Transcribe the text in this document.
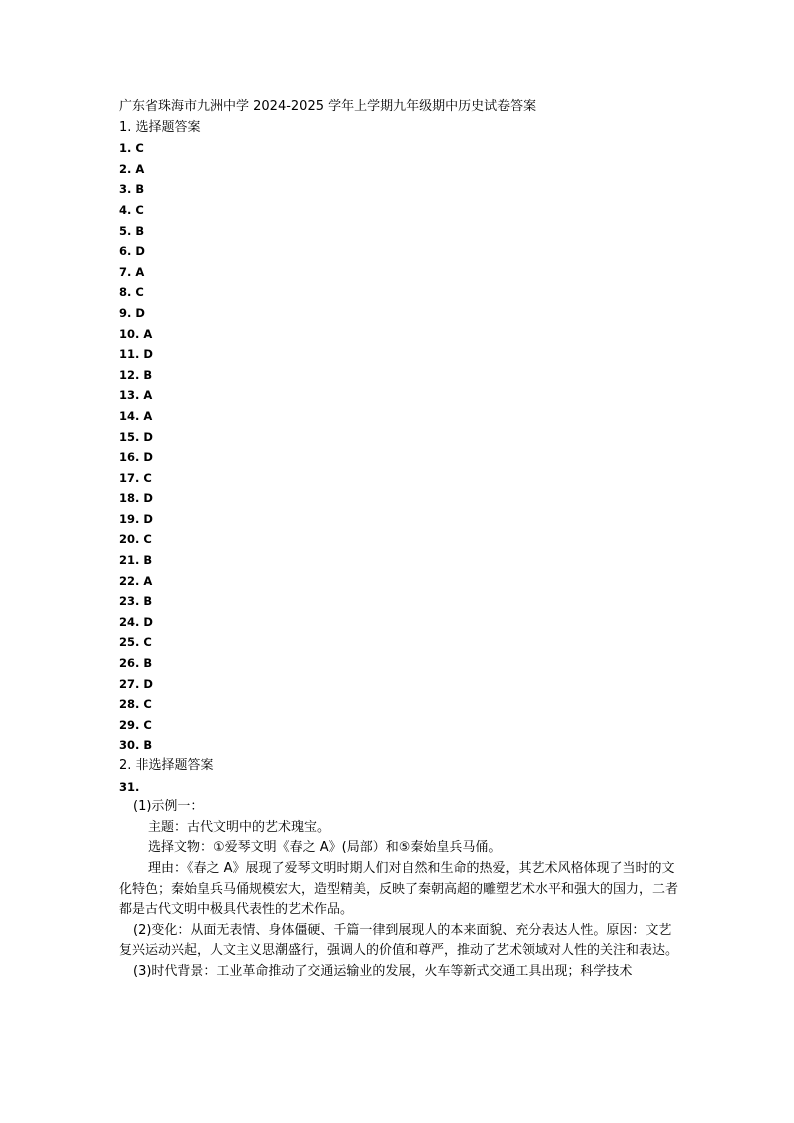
广东省珠海市九洲中学 2024-2025 学年上学期九年级期中历史试卷答案
1. 选择题答案
1. C
2. A
3. B
4. C
5. B
6. D
7. A
8. C
9. D
10. A
11. D
12. B
13. A
14. A
15. D
16. D
17. C
18. D
19. D
20. C
21. B
22. A
23. B
24. D
25. C
26. B
27. D
28. C
29. C
30. B
2. 非选择题答案
31.
(1)示例一：
主题：古代文明中的艺术瑰宝。
选择文物：①爱琴文明《春之 A》(局部）和⑤秦始皇兵马俑。
理由：《春之 A》展现了爱琴文明时期人们对自然和生命的热爱，其艺术风格体现了当时的文化特色；秦始皇兵马俑规模宏大，造型精美，反映了秦朝高超的雕塑艺术水平和强大的国力，二者都是古代文明中极具代表性的艺术作品。
(2)变化：从面无表情、身体僵硬、千篇一律到展现人的本来面貌、充分表达人性。原因：文艺复兴运动兴起，人文主义思潮盛行，强调人的价值和尊严，推动了艺术领域对人性的关注和表达。
(3)时代背景：工业革命推动了交通运输业的发展，火车等新式交通工具出现；科学技术
